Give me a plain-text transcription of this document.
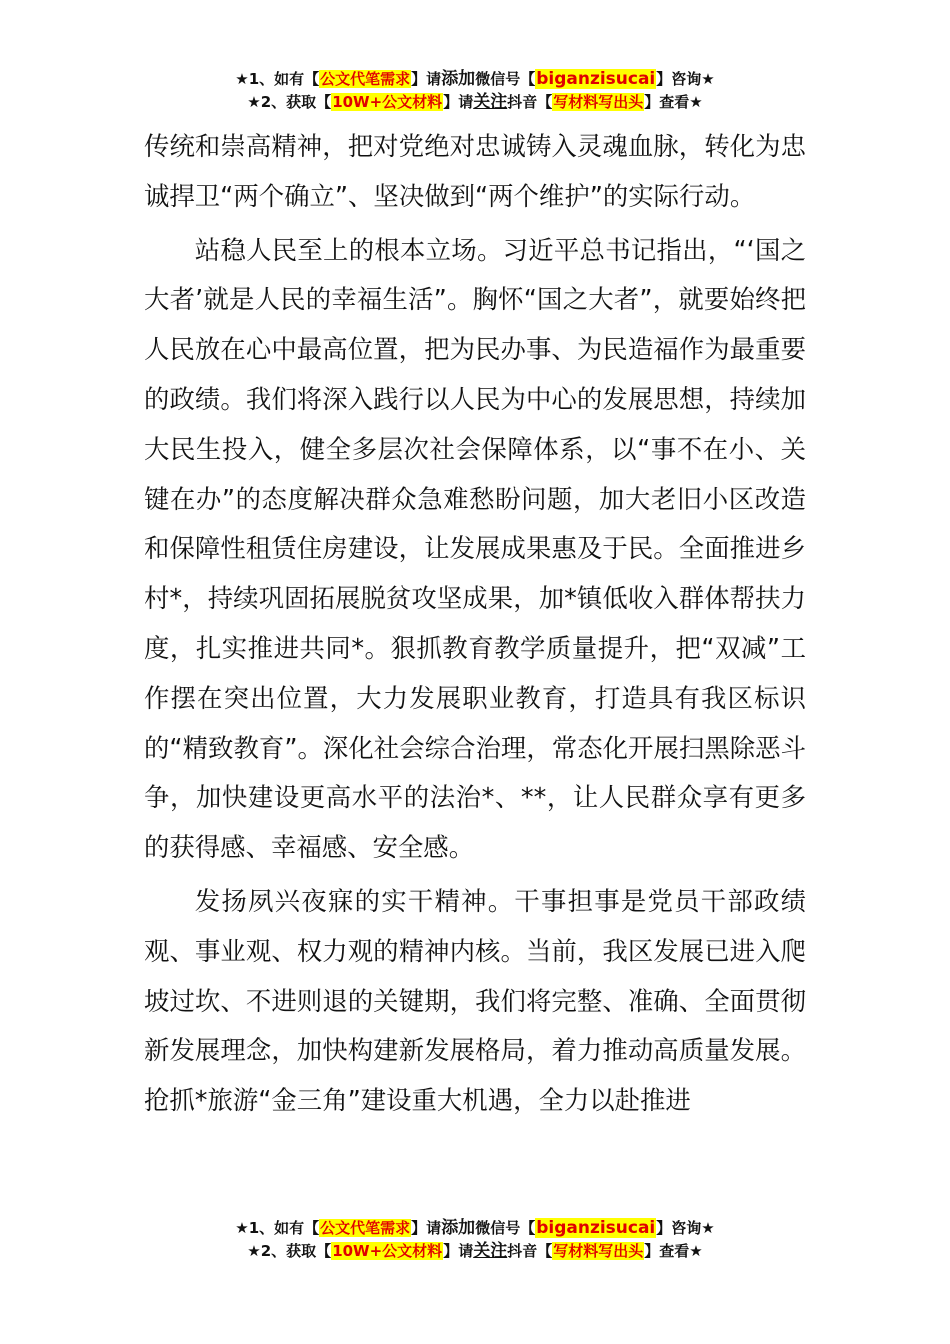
★1、如有【公文代笔需求】请添加微信号【biganzisucai】咨询★
★2、获取【10W+公文材料】请关注抖音【写材料写出头】查看★

传统和崇高精神，把对党绝对忠诚铸入灵魂血脉，转化为忠诚捍卫“两个确立”、坚决做到“两个维护”的实际行动。

站稳人民至上的根本立场。习近平总书记指出，“‘国之大者’就是人民的幸福生活”。胸怀“国之大者”，就要始终把人民放在心中最高位置，把为民办事、为民造福作为最重要的政绩。我们将深入践行以人民为中心的发展思想，持续加大民生投入，健全多层次社会保障体系，以“事不在小、关键在办”的态度解决群众急难愁盼问题，加大老旧小区改造和保障性租赁住房建设，让发展成果惠及于民。全面推进乡村*，持续巩固拓展脱贫攻坚成果，加*镇低收入群体帮扶力度，扎实推进共同*。狠抓教育教学质量提升，把“双减”工作摆在突出位置，大力发展职业教育，打造具有我区标识的“精致教育”。深化社会综合治理，常态化开展扫黑除恶斗争，加快建设更高水平的法治*、**，让人民群众享有更多的获得感、幸福感、安全感。

发扬夙兴夜寐的实干精神。干事担事是党员干部政绩观、事业观、权力观的精神内核。当前，我区发展已进入爬坡过坎、不进则退的关键期，我们将完整、准确、全面贯彻新发展理念，加快构建新发展格局，着力推动高质量发展。抢抓*旅游“金三角”建设重大机遇，全力以赴推进

★1、如有【公文代笔需求】请添加微信号【biganzisucai】咨询★
★2、获取【10W+公文材料】请关注抖音【写材料写出头】查看★
